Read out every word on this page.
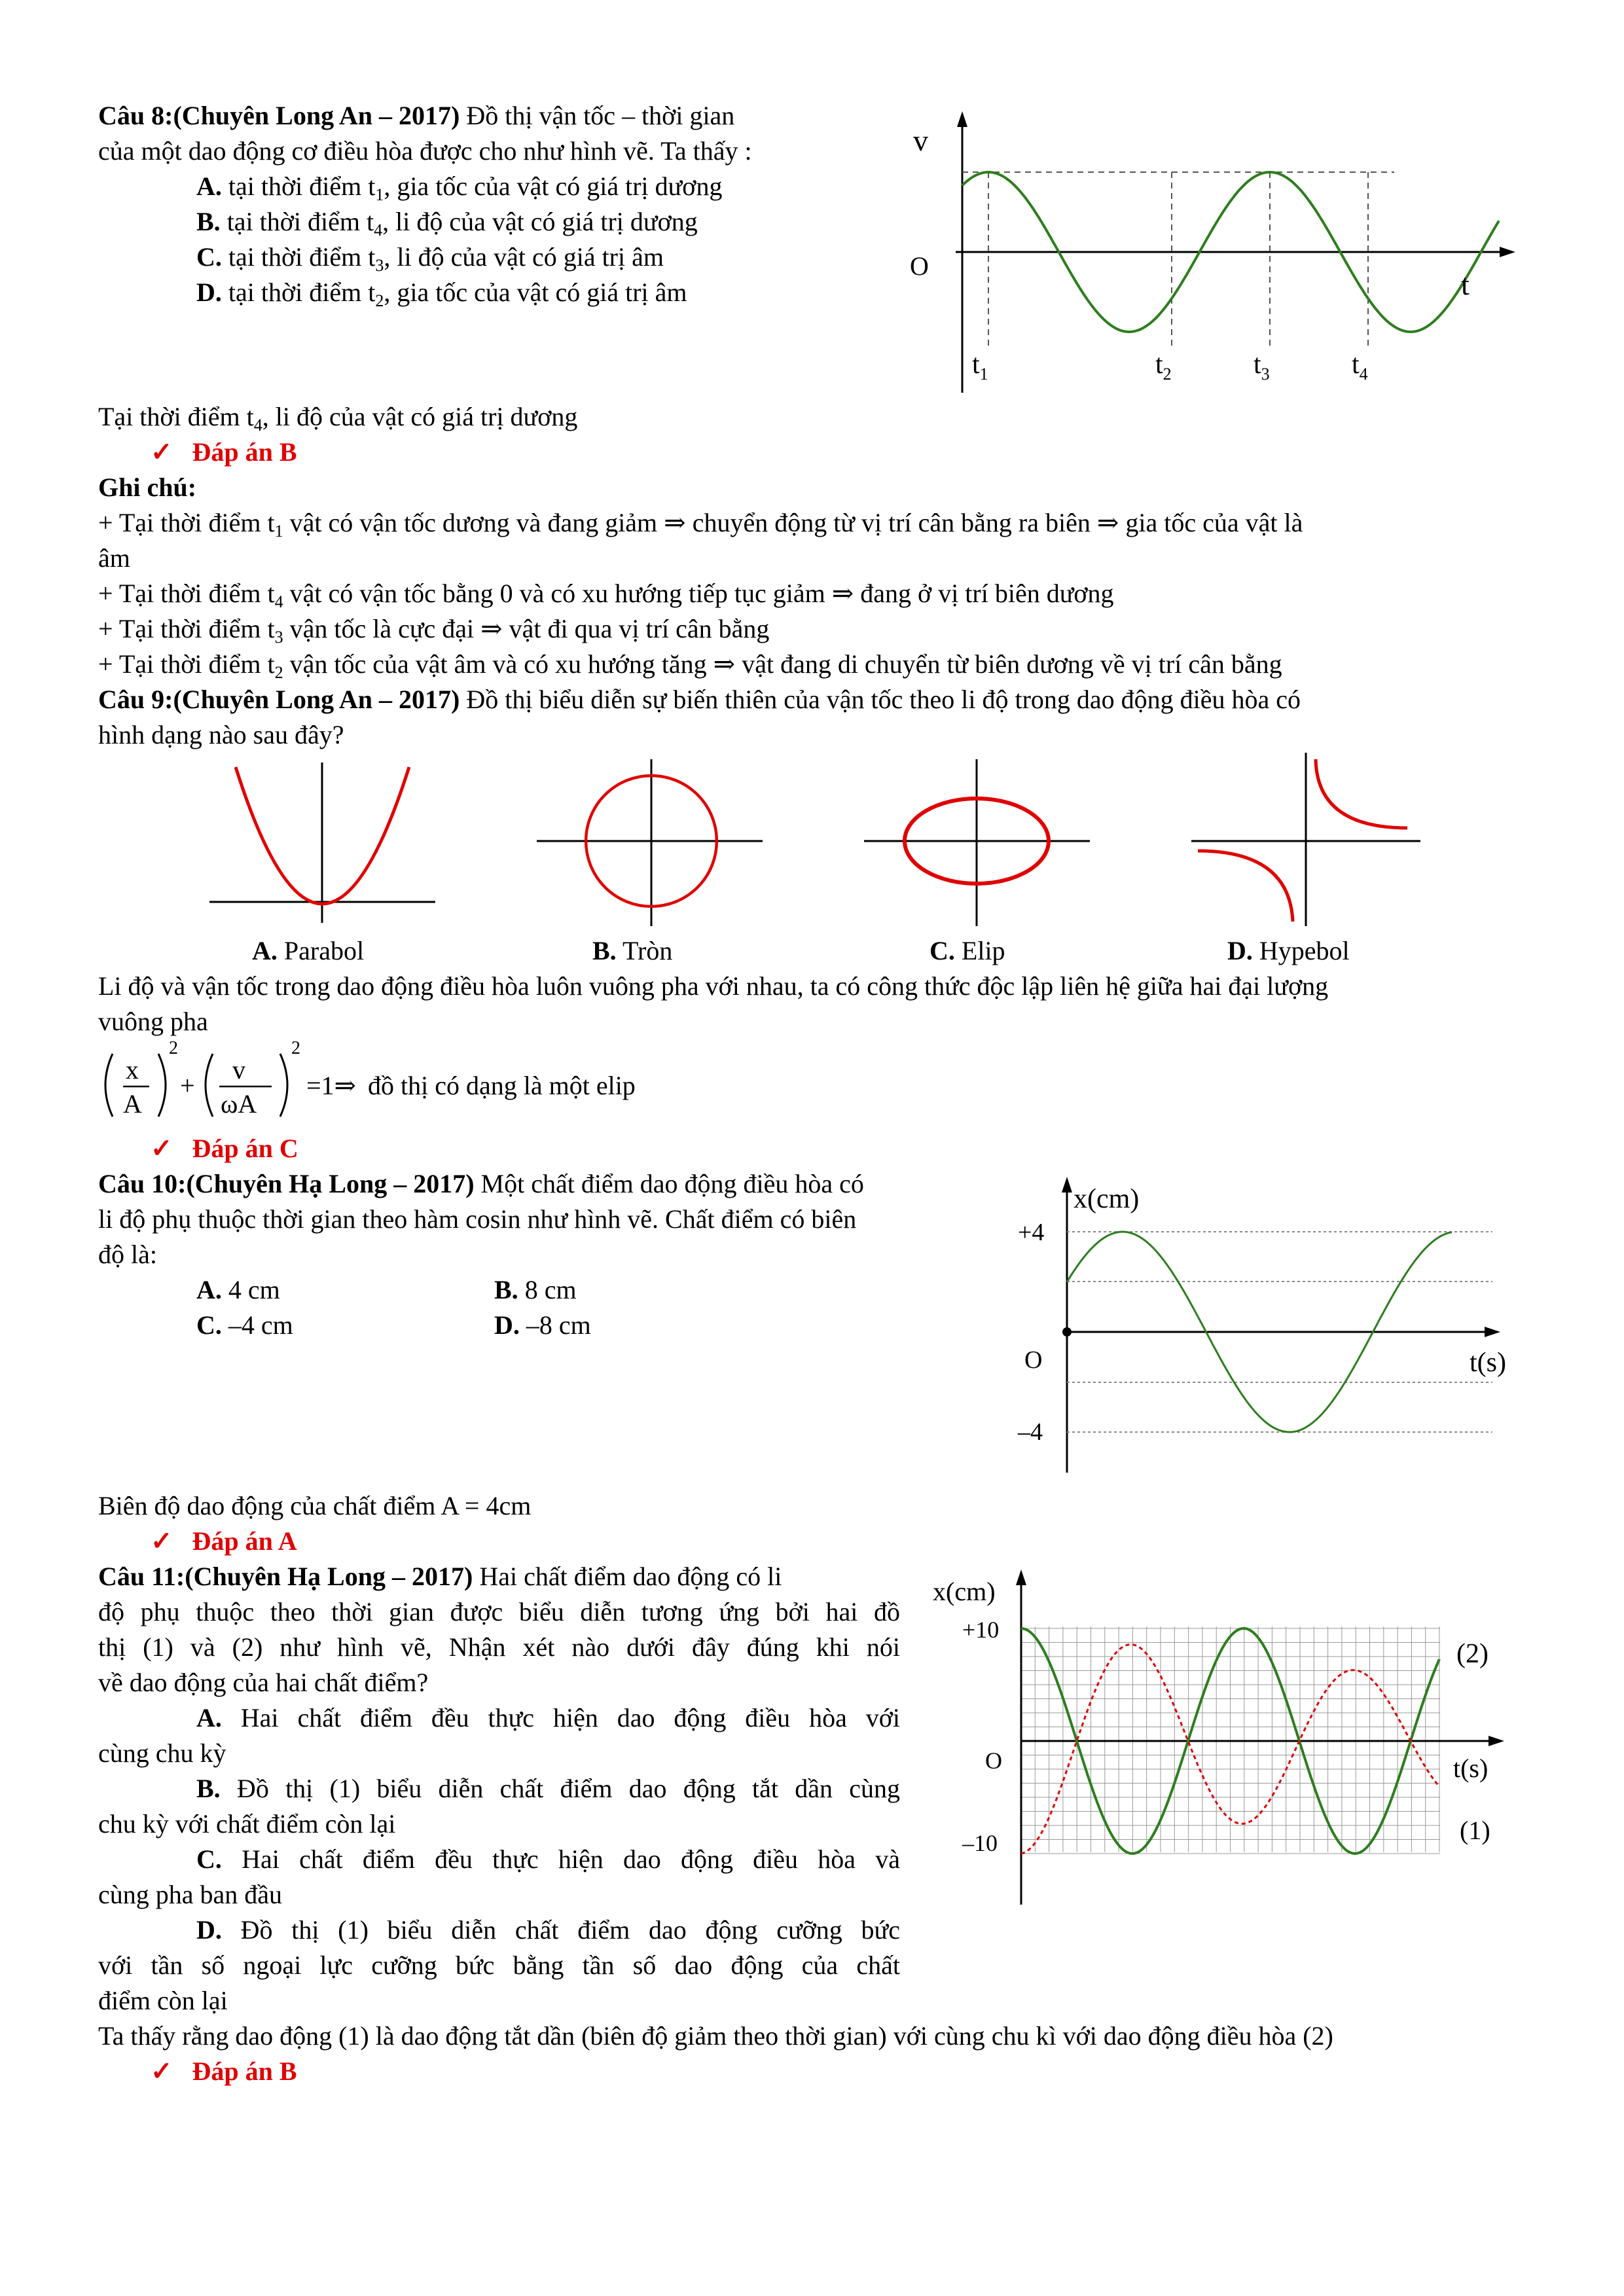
Câu 8:(Chuyên Long An – 2017) Đồ thị vận tốc – thời gian
của một dao động cơ điều hòa được cho như hình vẽ. Ta thấy :
A. tại thời điểm $t_1$, gia tốc của vật có giá trị dương
B. tại thời điểm $t_4$, li độ của vật có giá trị dương
C. tại thời điểm $t_3$, li độ của vật có giá trị âm
D. tại thời điểm $t_2$, gia tốc của vật có giá trị âm
v
O
t
$t_1$	$t_2$	$t_3$	$t_4$
Tại thời điểm $t_4$, li độ của vật có giá trị dương
✓ Đáp án B
Ghi chú:
+ Tại thời điểm $t_1$ vật có vận tốc dương và đang giảm ⇒ chuyển động từ vị trí cân bằng ra biên ⇒ gia tốc của vật là
âm
+ Tại thời điểm $t_4$ vật có vận tốc bằng 0 và có xu hướng tiếp tục giảm ⇒ đang ở vị trí biên dương
+ Tại thời điểm $t_3$ vận tốc là cực đại ⇒ vật đi qua vị trí cân bằng
+ Tại thời điểm $t_2$ vận tốc của vật âm và có xu hướng tăng ⇒ vật đang di chuyển từ biên dương về vị trí cân bằng
Câu 9:(Chuyên Long An – 2017) Đồ thị biểu diễn sự biến thiên của vận tốc theo li độ trong dao động điều hòa có
hình dạng nào sau đây?
A. Parabol	B. Tròn	C. Elip	D. Hypebol
Li độ và vận tốc trong dao động điều hòa luôn vuông pha với nhau, ta có công thức độc lập liên hệ giữa hai đại lượng
vuông pha
x
A
2
+
v
ωA
2
=1⇒ đồ thị có dạng là một elip
✓ Đáp án C
Câu 10:(Chuyên Hạ Long – 2017) Một chất điểm dao động điều hòa có
li độ phụ thuộc thời gian theo hàm cosin như hình vẽ. Chất điểm có biên
độ là:
A. 4 cm	B. 8 cm
C. –4 cm	D. –8 cm
x(cm)
+4
O
–4
t(s)
Biên độ dao động của chất điểm A = 4cm
✓ Đáp án A
Câu 11:(Chuyên Hạ Long – 2017) Hai chất điểm dao động có li
độ phụ thuộc theo thời gian được biểu diễn tương ứng bởi hai đồ
thị (1) và (2) như hình vẽ, Nhận xét nào dưới đây đúng khi nói
về dao động của hai chất điểm?
A. Hai chất điểm đều thực hiện dao động điều hòa với
cùng chu kỳ
B. Đồ thị (1) biểu diễn chất điểm dao động tắt dần cùng
chu kỳ với chất điểm còn lại
C. Hai chất điểm đều thực hiện dao động điều hòa và
cùng pha ban đầu
D. Đồ thị (1) biểu diễn chất điểm dao động cưỡng bức
với tần số ngoại lực cưỡng bức bằng tần số dao động của chất
điểm còn lại
x(cm)
+10
O
–10
t(s)
(2)
(1)
Ta thấy rằng dao động (1) là dao động tắt dần (biên độ giảm theo thời gian) với cùng chu kì với dao động điều hòa (2)
✓ Đáp án B
